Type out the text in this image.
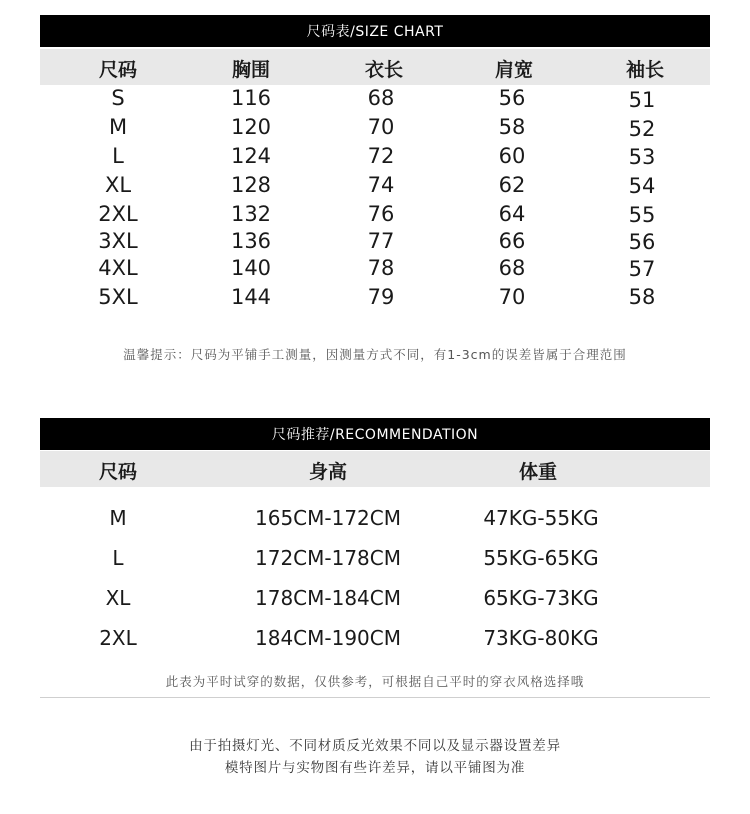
尺码表/SIZE CHART
尺码	胸围	衣长	肩宽	袖长
S	116	68	56	51
M	120	70	58	52
L	124	72	60	53
XL	128	74	62	54
2XL	132	76	64	55
3XL	136	77	66	56
4XL	140	78	68	57
5XL	144	79	70	58
温馨提示：尺码为平铺手工测量，因测量方式不同，有1-3cm的误差皆属于合理范围
尺码推荐/RECOMMENDATION
尺码	身高	体重
M	165CM-172CM	47KG-55KG
L	172CM-178CM	55KG-65KG
XL	178CM-184CM	65KG-73KG
2XL	184CM-190CM	73KG-80KG
此表为平时试穿的数据，仅供参考，可根据自己平时的穿衣风格选择哦
由于拍摄灯光、不同材质反光效果不同以及显示器设置差异
模特图片与实物图有些许差异，请以平铺图为准
